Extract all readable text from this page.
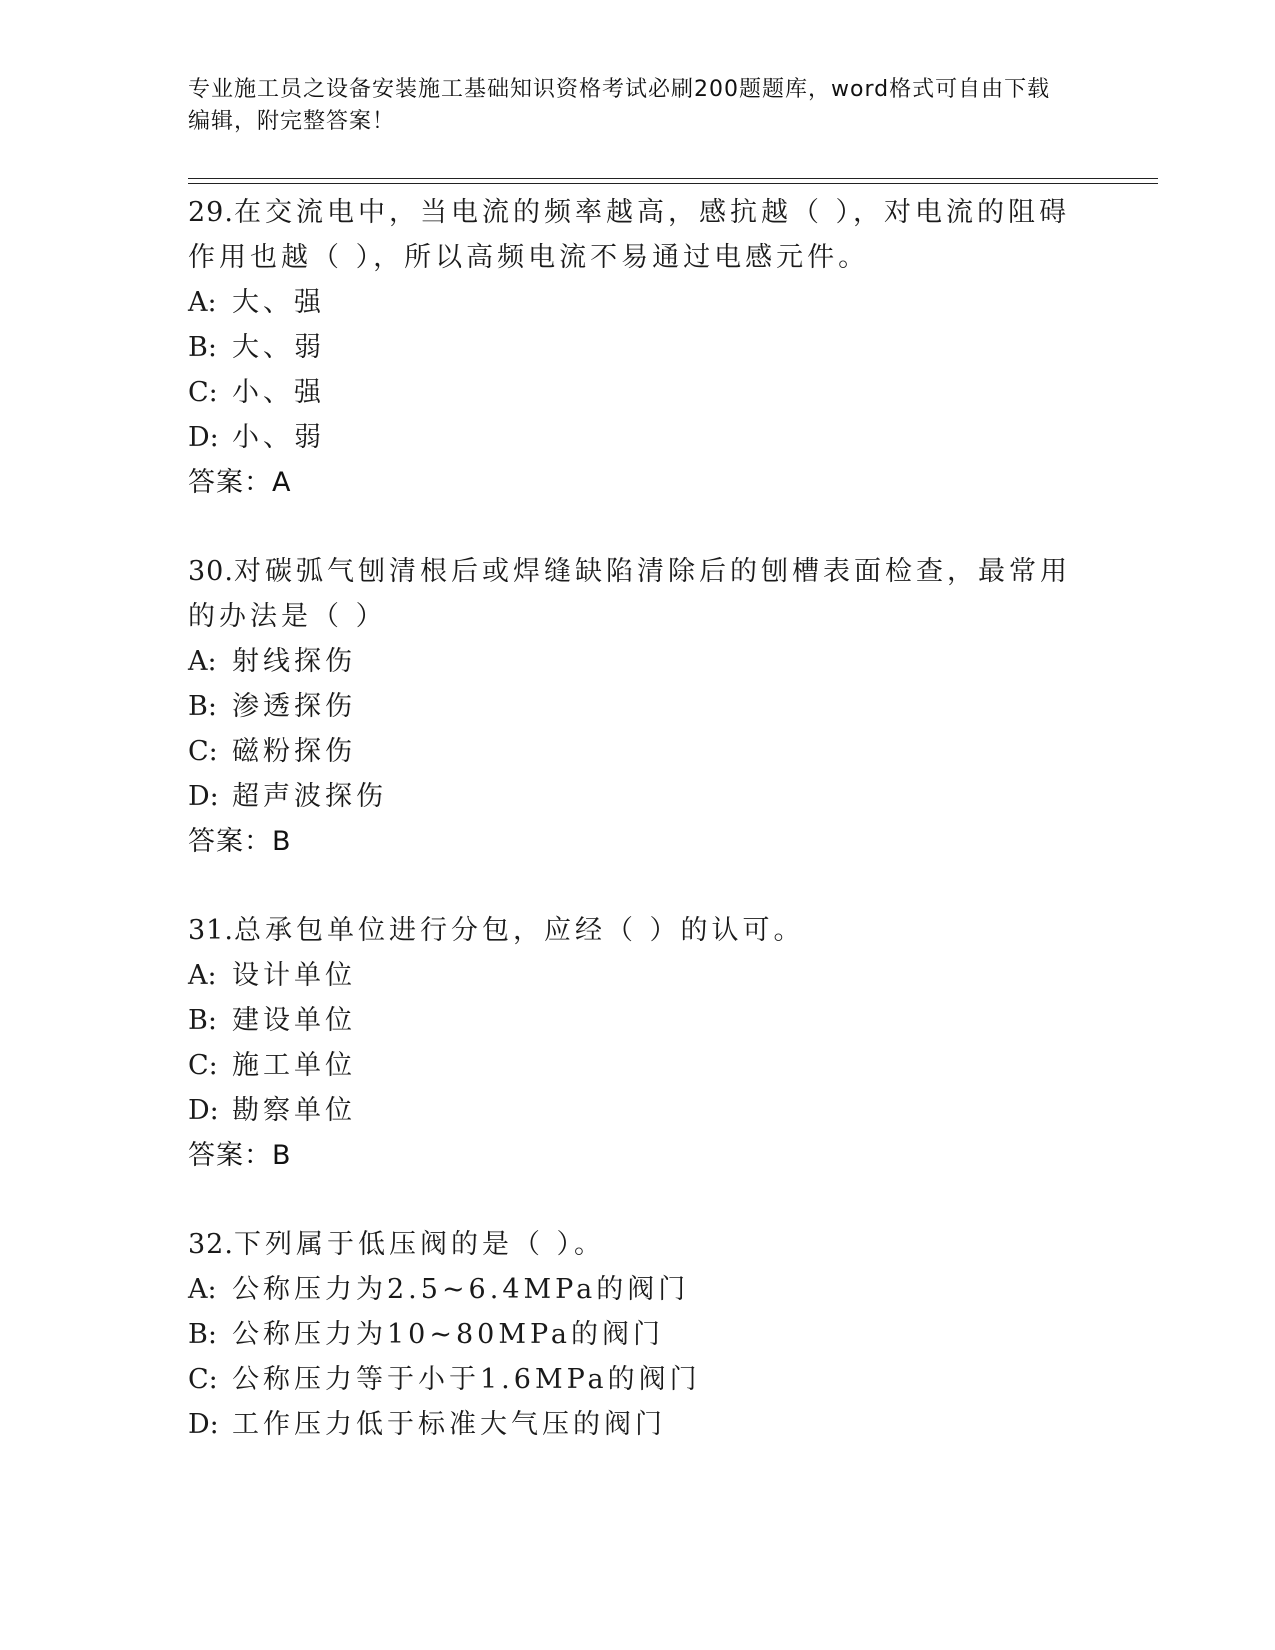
专业施工员之设备安装施工基础知识资格考试必刷200题题库，word格式可自由下载编辑，附完整答案！
29.在交流电中，当电流的频率越高，感抗越（ ），对电流的阻碍作用也越（ ），所以高频电流不易通过电感元件。
A: 大、强
B: 大、弱
C: 小、强
D: 小、弱
答案：A
30.对碳弧气刨清根后或焊缝缺陷清除后的刨槽表面检查，最常用的办法是（ ）
A: 射线探伤
B: 渗透探伤
C: 磁粉探伤
D: 超声波探伤
答案：B
31.总承包单位进行分包，应经（ ）的认可。
A: 设计单位
B: 建设单位
C: 施工单位
D: 勘察单位
答案：B
32.下列属于低压阀的是（ ）。
A: 公称压力为2.5~6.4MPa的阀门
B: 公称压力为10~80MPa的阀门
C: 公称压力等于小于1.6MPa的阀门
D: 工作压力低于标准大气压的阀门
